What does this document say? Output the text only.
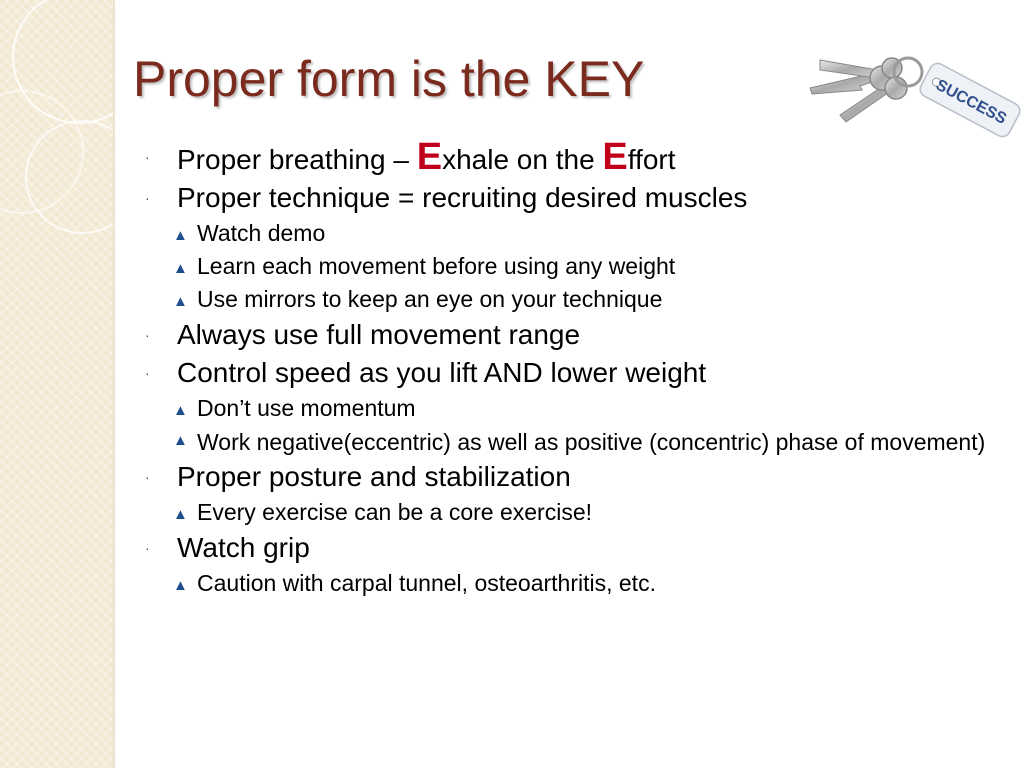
Proper form is the KEY	SUCCESS
· Proper breathing – Exhale on the Effort
· Proper technique = recruiting desired muscles
▲ Watch demo
▲ Learn each movement before using any weight
▲ Use mirrors to keep an eye on your technique
· Always use full movement range
· Control speed as you lift AND lower weight
▲ Don’t use momentum
▲ Work negative(eccentric) as well as positive (concentric) phase of movement)
· Proper posture and stabilization
▲ Every exercise can be a core exercise!
· Watch grip
▲ Caution with carpal tunnel, osteoarthritis, etc.
